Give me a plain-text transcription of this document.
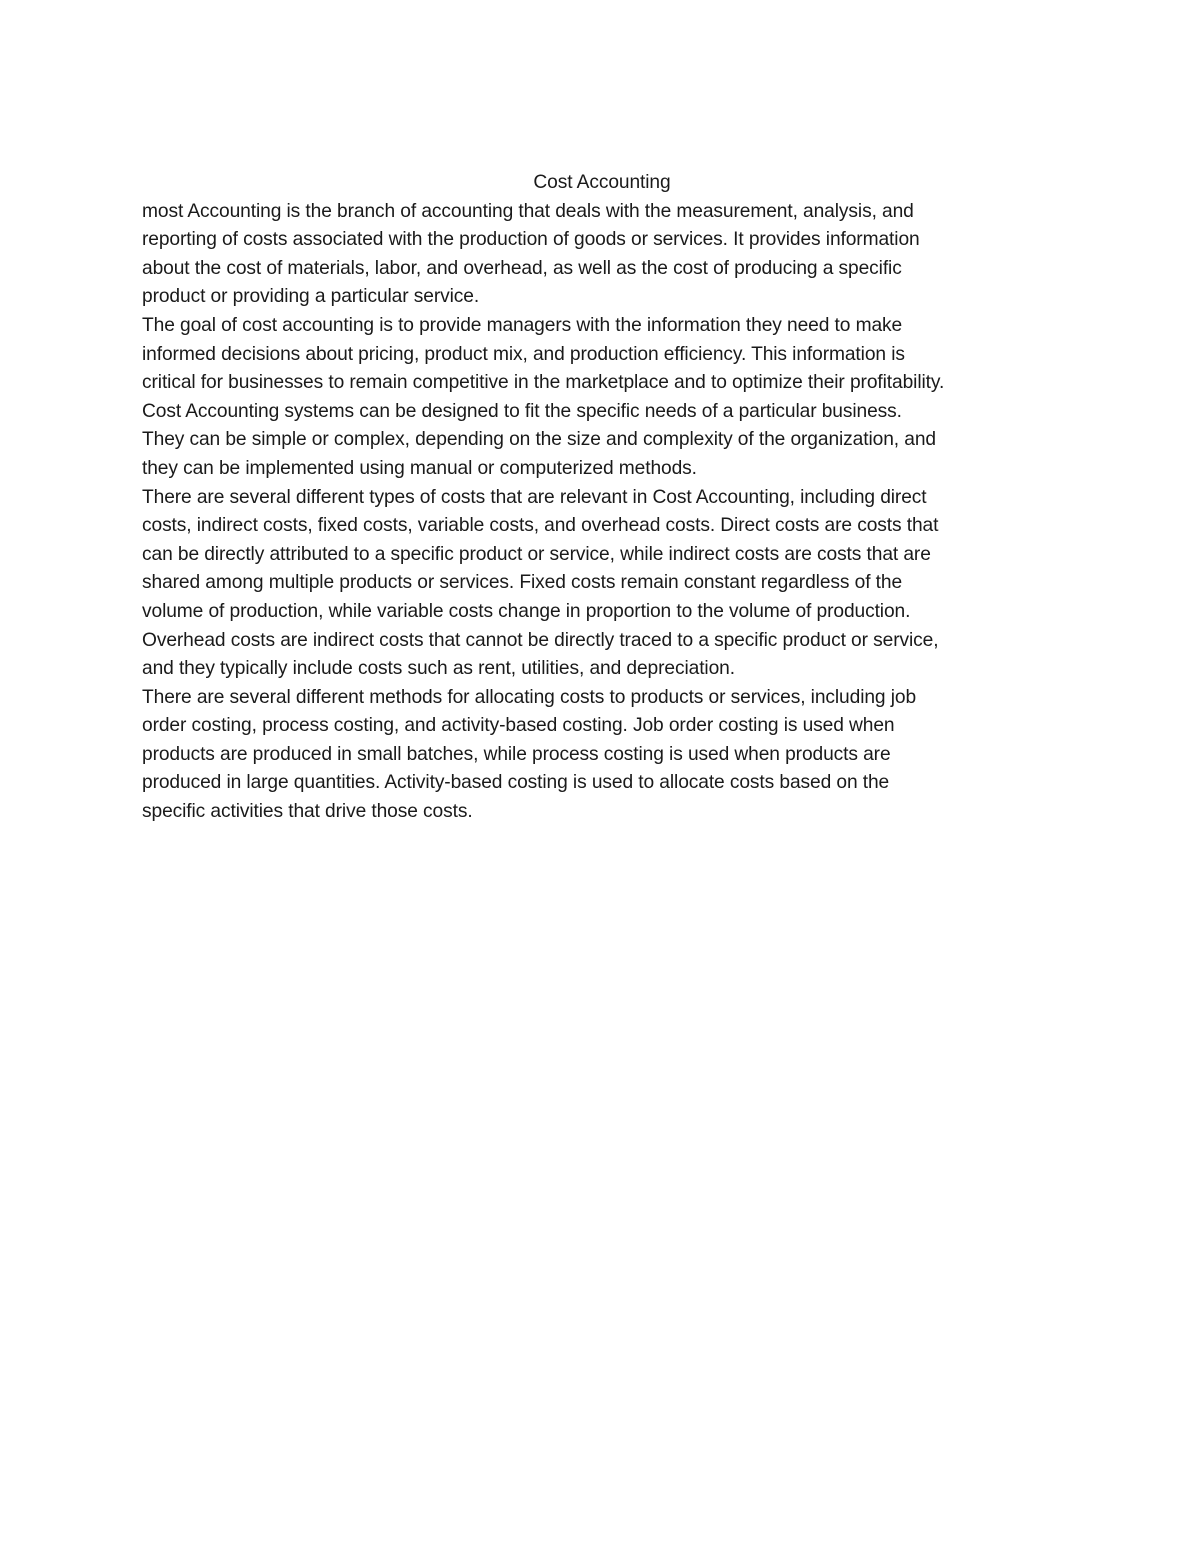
Cost Accounting

most Accounting is the branch of accounting that deals with the measurement, analysis, and
reporting of costs associated with the production of goods or services. It provides information
about the cost of materials, labor, and overhead, as well as the cost of producing a specific
product or providing a particular service.

The goal of cost accounting is to provide managers with the information they need to make
informed decisions about pricing, product mix, and production efficiency. This information is
critical for businesses to remain competitive in the marketplace and to optimize their profitability.

Cost Accounting systems can be designed to fit the specific needs of a particular business.
They can be simple or complex, depending on the size and complexity of the organization, and
they can be implemented using manual or computerized methods.

There are several different types of costs that are relevant in Cost Accounting, including direct
costs, indirect costs, fixed costs, variable costs, and overhead costs. Direct costs are costs that
can be directly attributed to a specific product or service, while indirect costs are costs that are
shared among multiple products or services. Fixed costs remain constant regardless of the
volume of production, while variable costs change in proportion to the volume of production.
Overhead costs are indirect costs that cannot be directly traced to a specific product or service,
and they typically include costs such as rent, utilities, and depreciation.

There are several different methods for allocating costs to products or services, including job
order costing, process costing, and activity-based costing. Job order costing is used when
products are produced in small batches, while process costing is used when products are
produced in large quantities. Activity-based costing is used to allocate costs based on the
specific activities that drive those costs.
